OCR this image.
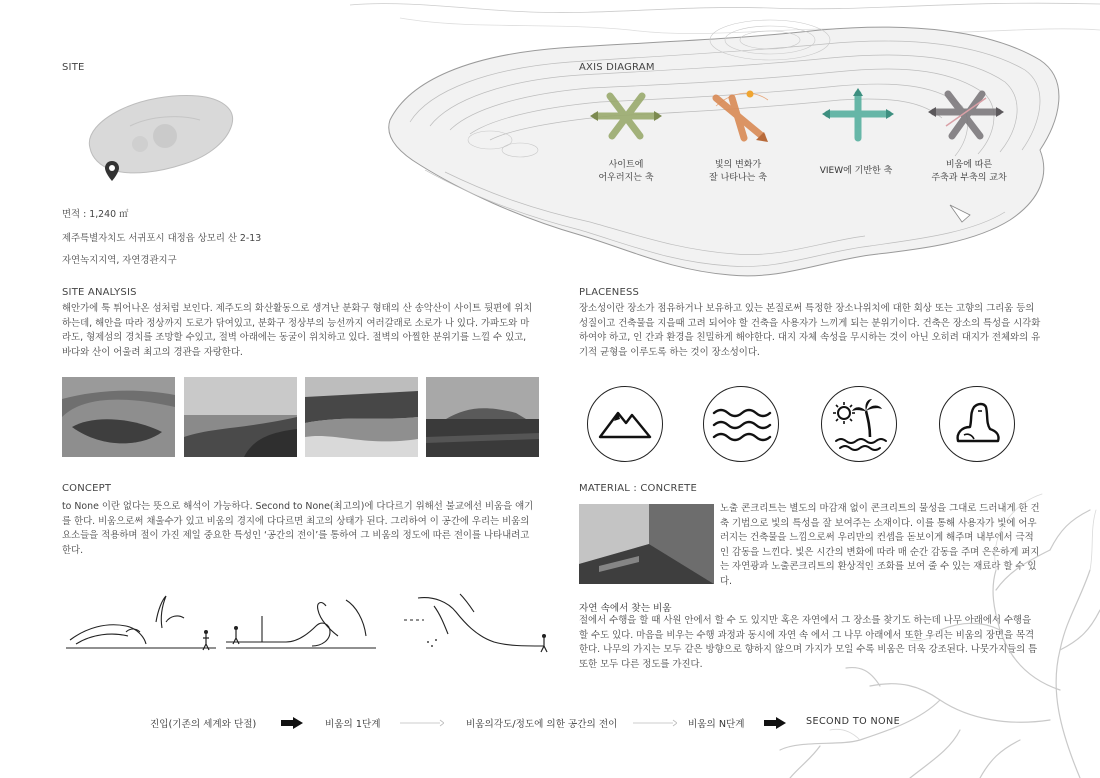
SITE
면적 : 1,240 ㎡
제주특별자치도 서귀포시 대정읍 상모리 산 2-13
자연녹지지역, 자연경관지구
AXIS DIAGRAM
사이트에
어우러지는 축
빛의 변화가
잘 나타나는 축
VIEW에 기반한 축
비움에 따른
주축과 부축의 교차
SITE ANALYSIS
해안가에 툭 튀어나온 섬처럼 보인다. 제주도의 화산활동으로 생겨난 분화구 형태의 산 송악산이 사이트 뒷편에 위치하는데, 해안을 따라 정상까지 도로가 닦여있고, 분화구 정상부의 능선까지 여러갈래로 소로가 나 있다. 가파도와 마라도, 형제섬의 경치를 조망할 수있고, 절벽 아래에는 동굴이 위치하고 있다. 절벽의 아찔한 분위기를 느낄 수 있고, 바다와 산이 어울려 최고의 경관을 자랑한다.
PLACENESS
장소성이란 장소가 점유하거나 보유하고 있는 본질로써 특정한 장소나위치에 대한 회상 또는 고향의 그리움 등의 성질이고 건축물을 지을때 고려 되어야 할 건축을 사용자가 느끼게 되는 분위기이다. 건축은 장소의 특성을 시각화 하여야 하고, 인 간과 환경을 친밀하게 해야한다. 대지 자체 속성을 무시하는 것이 아닌 오히려 대지가 전체와의 유기적 균형을 이루도록 하는 것이 장소성이다.
CONCEPT
to None 이란 없다는 뜻으로 해석이 가능하다. Second to None(최고의)에 다다르기 위해선 불교에선 비움을 얘기를 한다. 비움으로써 채울수가 있고 비움의 경지에 다다르면 최고의 상태가 된다. 그리하여 이 공간에 우리는 비움의 요소들을 적용하며 절이 가진 제일 중요한 특성인 ‘공간의 전이’를 통하여 그 비움의 정도에 따른 전이를 나타내려고 한다.
MATERIAL : CONCRETE
노출 콘크리트는 별도의 마감재 없이 콘크리트의 물성을 그대로 드러내게 한 건축 기법으로 빛의 특성을 잘 보여주는 소재이다. 이를 통해 사용자가 빛에 어우러지는 건축물을 느낌으로써 우리만의 컨셉을 돋보이게 해주며 내부에서 극적인 감동을 느낀다. 빛은 시간의 변화에 따라 매 순간 감동을 주며 은은하게 퍼지는 자연광과 노출콘크리트의 환상적인 조화를 보여 줄 수 있는 재료라 할 수 있다.
자연 속에서 찾는 비움
절에서 수행을 할 때 사원 안에서 할 수 도 있지만 혹은 자연에서 그 장소를 찾기도 하는데 나무 아래에서 수행을 할 수도 있다. 마음을 비우는 수행 과정과 동시에 자연 속 에서 그 나무 아래에서 또한 우리는 비움의 장면을 목격한다. 나무의 가지는 모두 같은 방향으로 향하지 않으며 가지가 모일 수록 비움은 더욱 강조된다. 나뭇가지들의 틈 또한 모두 다른 정도를 가진다.
진입(기존의 세계와 단절)	비움의 1단계	비움의각도/정도에 의한 공간의 전이	비움의 N단계	SECOND TO NONE
